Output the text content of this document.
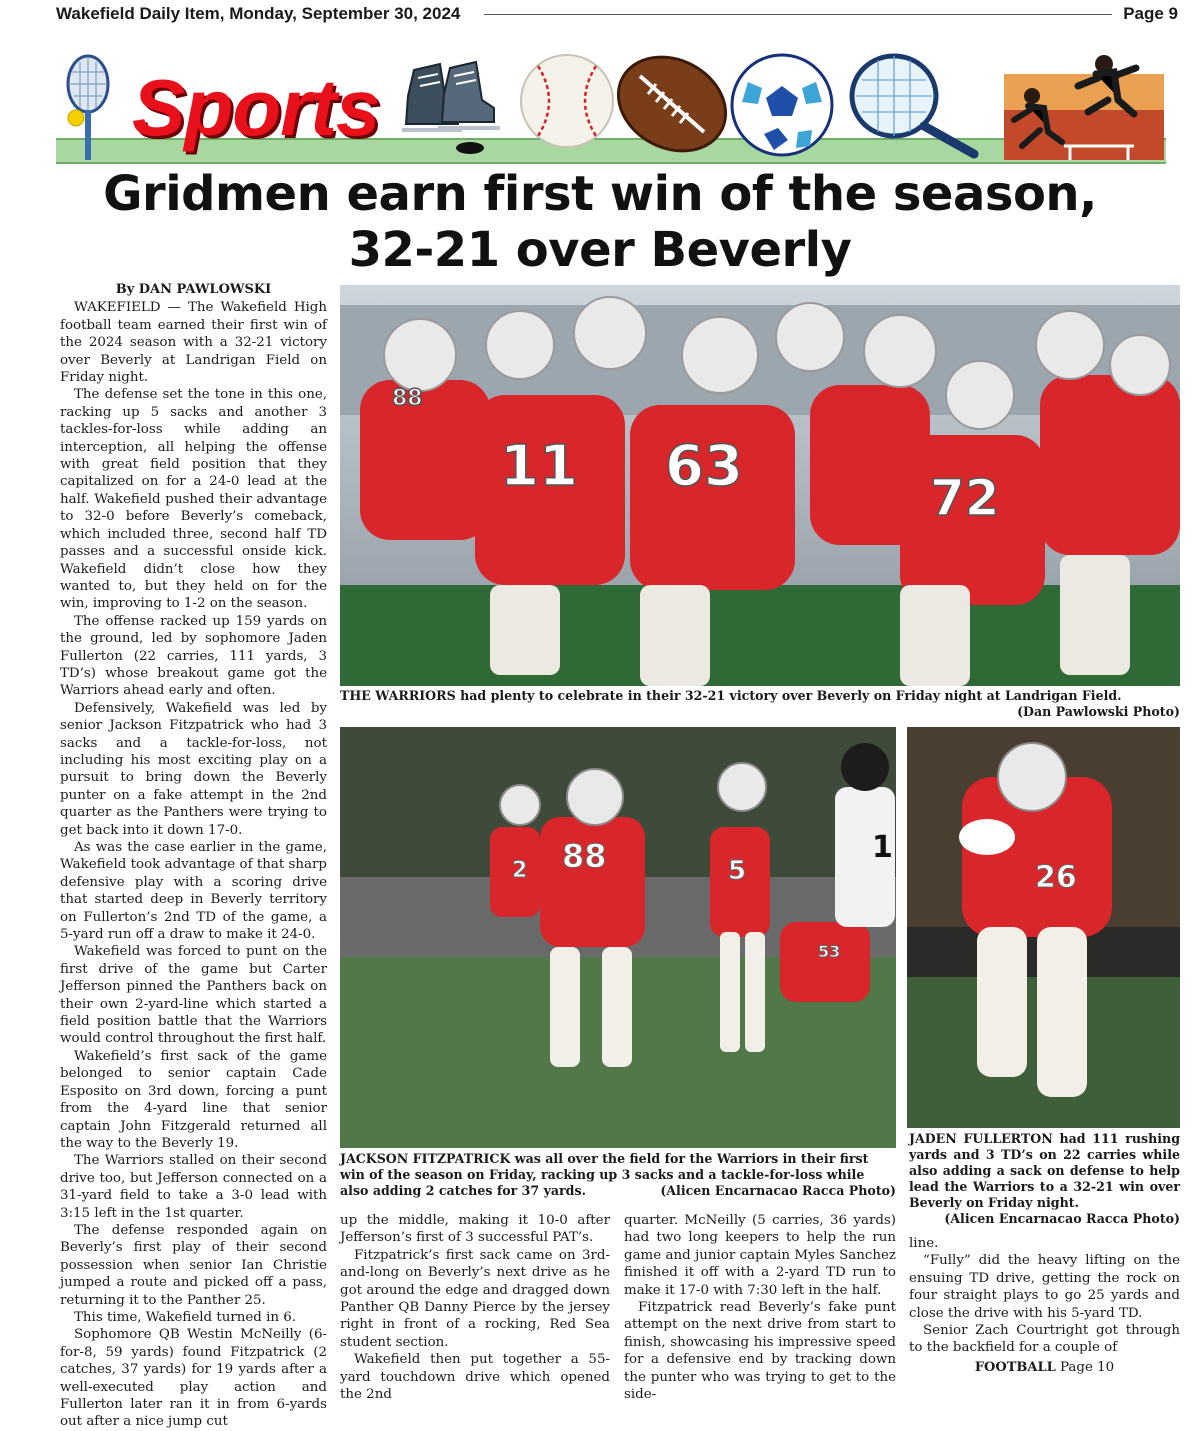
Wakefield Daily Item, Monday, September 30, 2024	Page 9
Sports
Gridmen earn first win of the season,
32-21 over Beverly

By DAN PAWLOWSKI

WAKEFIELD — The Wakefield High football team earned their first win of the 2024 season with a 32-21 victory over Beverly at Landrigan Field on Friday night.

The defense set the tone in this one, racking up 5 sacks and another 3 tackles-for-loss while adding an interception, all helping the offense with great field position that they capitalized on for a 24-0 lead at the half. Wakefield pushed their advantage to 32-0 before Beverly’s comeback, which included three, second half TD passes and a successful onside kick. Wakefield didn’t close how they wanted to, but they held on for the win, improving to 1-2 on the season.

The offense racked up 159 yards on the ground, led by sophomore Jaden Fullerton (22 carries, 111 yards, 3 TD’s) whose breakout game got the Warriors ahead early and often.

Defensively, Wakefield was led by senior Jackson Fitzpatrick who had 3 sacks and a tackle-for-loss, not including his most exciting play on a pursuit to bring down the Beverly punter on a fake attempt in the 2nd quarter as the Panthers were trying to get back into it down 17-0.

As was the case earlier in the game, Wakefield took advantage of that sharp defensive play with a scoring drive that started deep in Beverly territory on Fullerton’s 2nd TD of the game, a 5-yard run off a draw to make it 24-0.

Wakefield was forced to punt on the first drive of the game but Carter Jefferson pinned the Panthers back on their own 2-yard-line which started a field position battle that the Warriors would control throughout the first half.

Wakefield’s first sack of the game belonged to senior captain Cade Esposito on 3rd down, forcing a punt from the 4-yard line that senior captain John Fitzgerald returned all the way to the Beverly 19.

The Warriors stalled on their second drive too, but Jefferson connected on a 31-yard field to take a 3-0 lead with 3:15 left in the 1st quarter.

The defense responded again on Beverly’s first play of their second possession when senior Ian Christie jumped a route and picked off a pass, returning it to the Panther 25.

This time, Wakefield turned in 6.

Sophomore QB Westin McNeilly (6-for-8, 59 yards) found Fitzpatrick (2 catches, 37 yards) for 19 yards after a well-executed play action and Fullerton later ran it in from 6-yards out after a nice jump cut

88
11 63	72
THE WARRIORS had plenty to celebrate in their 32-21 victory over Beverly on Friday night at Landrigan Field.
(Dan Pawlowski Photo)
2 88	5
53
1
JACKSON FITZPATRICK was all over the field for the Warriors in their first win of the season on Friday, racking up 3 sacks and a tackle-for-loss while also adding 2 catches for 37 yards.	(Alicen Encarnacao Racca Photo)
26
JADEN FULLERTON had 111 rushing yards and 3 TD’s on 22 carries while also adding a sack on defense to help lead the Warriors to a 32-21 win over Beverly on Friday night.
(Alicen Encarnacao Racca Photo)

up the middle, making it 10-0 after Jefferson’s first of 3 successful PAT’s.

Fitzpatrick’s first sack came on 3rd-and-long on Beverly’s next drive as he got around the edge and dragged down Panther QB Danny Pierce by the jersey right in front of a rocking, Red Sea student section.

Wakefield then put together a 55-yard touchdown drive which opened the 2nd

quarter. McNeilly (5 carries, 36 yards) had two long keepers to help the run game and junior captain Myles Sanchez finished it off with a 2-yard TD run to make it 17-0 with 7:30 left in the half.

Fitzpatrick read Beverly’s fake punt attempt on the next drive from start to finish, showcasing his impressive speed for a defensive end by tracking down the punter who was trying to get to the side-

line.

“Fully” did the heavy lifting on the ensuing TD drive, getting the rock on four straight plays to go 25 yards and close the drive with his 5-yard TD.

Senior Zach Courtright got through to the backfield for a couple of

FOOTBALL Page 10
